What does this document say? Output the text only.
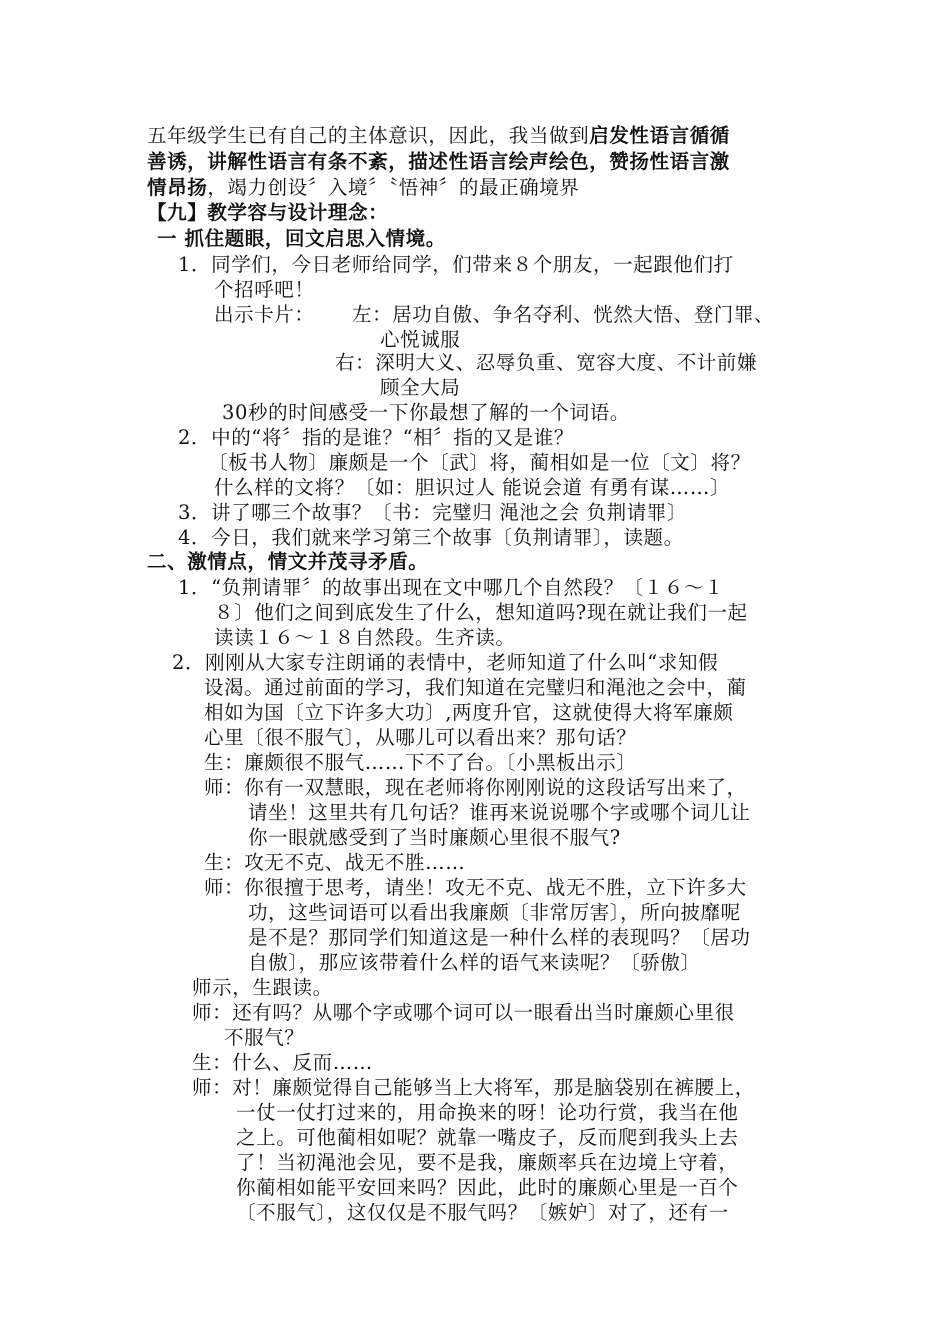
五年级学生已有自己的主体意识，因此，我当做到启发性语言循循
善诱，讲解性语言有条不紊，描述性语言绘声绘色，赞扬性语言激
情昂扬，竭力创设〞入境〞〝悟神〞的最正确境界
【九】教学容与设计理念：
一 抓住题眼，回文启思入情境。
1．同学们，今日老师给同学，们带来８个朋友，一起跟他们打
个招呼吧！
出示卡片： 左：居功自傲、争名夺利、恍然大悟、登门罪、
心悦诚服
右：深明大义、忍辱负重、宽容大度、不计前嫌
顾全大局
30秒的时间感受一下你最想了解的一个词语。
2．中的“将〞指的是谁？“相〞指的又是谁？
〔板书人物〕廉颇是一个〔武〕将，蔺相如是一位〔文〕将？
什么样的文将？〔如：胆识过人 能说会道 有勇有谋……〕
3．讲了哪三个故事？〔书：完璧归 渑池之会 负荆请罪〕
4．今日，我们就来学习第三个故事〔负荆请罪〕，读题。
二、激情点，情文并茂寻矛盾。
1．“负荆请罪〞的故事出现在文中哪几个自然段？〔１６～１
８〕他们之间到底发生了什么，想知道吗?现在就让我们一起
读读１６～１８自然段。生齐读。
2．刚刚从大家专注朗诵的表情中，老师知道了什么叫“求知假
设渴。通过前面的学习，我们知道在完璧归和渑池之会中，蔺
相如为国〔立下许多大功〕,两度升官，这就使得大将军廉颇
心里〔很不服气〕，从哪儿可以看出来？那句话？
生：廉颇很不服气……下不了台。〔小黑板出示〕
师：你有一双慧眼，现在老师将你刚刚说的这段话写出来了，
请坐！这里共有几句话？谁再来说说哪个字或哪个词儿让
你一眼就感受到了当时廉颇心里很不服气?
生：攻无不克、战无不胜……
师：你很擅于思考，请坐！攻无不克、战无不胜，立下许多大
功，这些词语可以看出我廉颇〔非常厉害〕，所向披靡呢
是不是？那同学们知道这是一种什么样的表现吗？〔居功
自傲〕，那应该带着什么样的语气来读呢？〔骄傲〕
师示，生跟读。
师：还有吗？从哪个字或哪个词可以一眼看出当时廉颇心里很
不服气？
生：什么、反而……
师：对！廉颇觉得自己能够当上大将军，那是脑袋别在裤腰上，
一仗一仗打过来的，用命换来的呀！论功行赏，我当在他
之上。可他蔺相如呢？就靠一嘴皮子，反而爬到我头上去
了！当初渑池会见，要不是我，廉颇率兵在边境上守着，
你蔺相如能平安回来吗？因此，此时的廉颇心里是一百个
〔不服气〕，这仅仅是不服气吗？〔嫉妒〕对了，还有一
